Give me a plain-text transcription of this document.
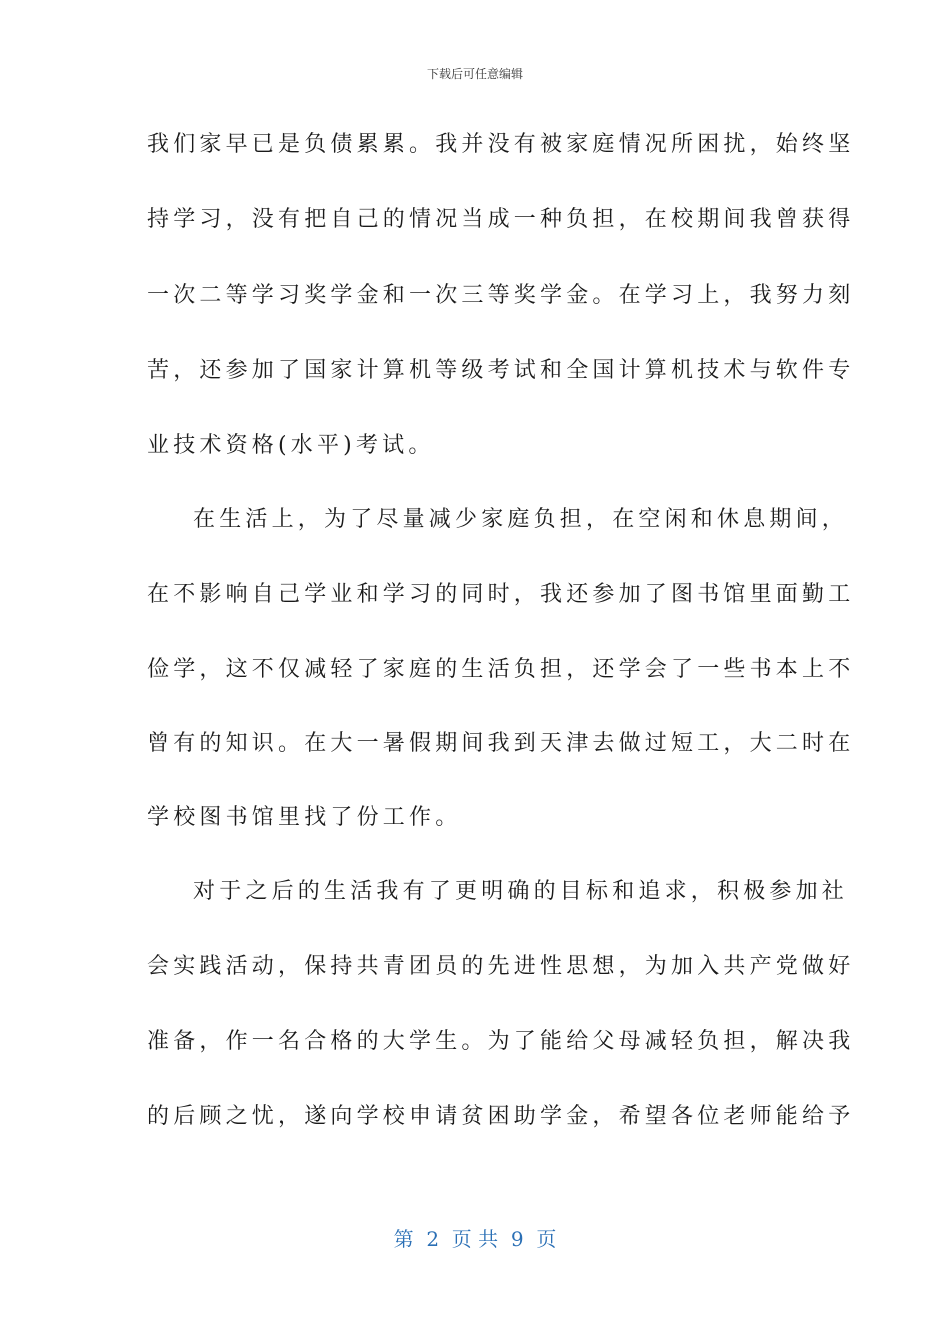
下载后可任意编辑
我们家早已是负债累累。我并没有被家庭情况所困扰，始终坚
持学习，没有把自己的情况当成一种负担，在校期间我曾获得
一次二等学习奖学金和一次三等奖学金。在学习上，我努力刻
苦，还参加了国家计算机等级考试和全国计算机技术与软件专
业技术资格(水平)考试。
在生活上，为了尽量减少家庭负担，在空闲和休息期间，
在不影响自己学业和学习的同时，我还参加了图书馆里面勤工
俭学，这不仅减轻了家庭的生活负担，还学会了一些书本上不
曾有的知识。在大一暑假期间我到天津去做过短工，大二时在
学校图书馆里找了份工作。
对于之后的生活我有了更明确的目标和追求，积极参加社
会实践活动，保持共青团员的先进性思想，为加入共产党做好
准备，作一名合格的大学生。为了能给父母减轻负担，解决我
的后顾之忧，遂向学校申请贫困助学金，希望各位老师能给予
第  2  页 共  9  页
